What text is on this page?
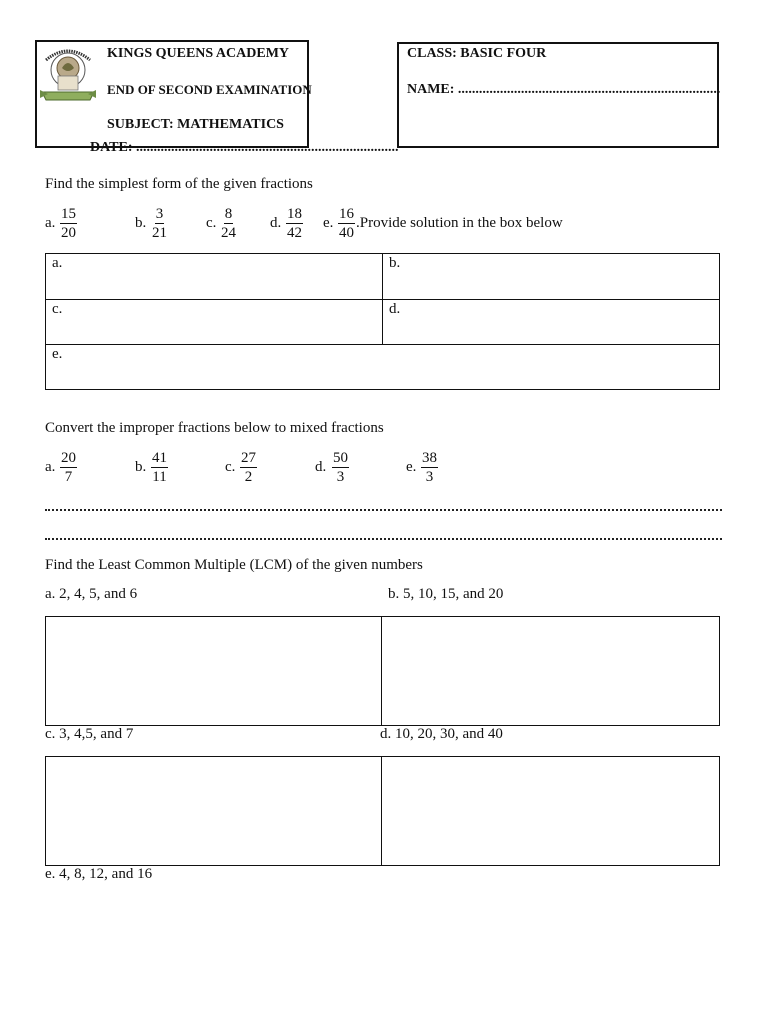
KINGS QUEENS ACADEMY
END OF SECOND EXAMINATION
SUBJECT: MATHEMATICS
DATE: ...........................................................................
CLASS: BASIC FOUR
NAME: ...........................................................................
Find the simplest form of the given fractions
a. $\frac{15}{20}$	b. $\frac{3}{21}$	c. $\frac{8}{24} d$. $\frac{18}{42} e$. $\frac{16}{40}$ .Provide solution in the box below
a.	b.
c.	d.
e.
Convert the improper fractions below to mixed fractions
a. $\frac{20}{7}$	b. $\frac{41}{11}$	c. $\frac{27}{2}$	d. $\frac{50}{3}$	e. $\frac{38}{3}$
Find the Least Common Multiple (LCM) of the given numbers
a. 2, 4, 5, and 6	b. 5, 10, 15, and 20
c. 3, 4,5, and 7	d. 10, 20, 30, and 40
e. 4, 8, 12, and 16
